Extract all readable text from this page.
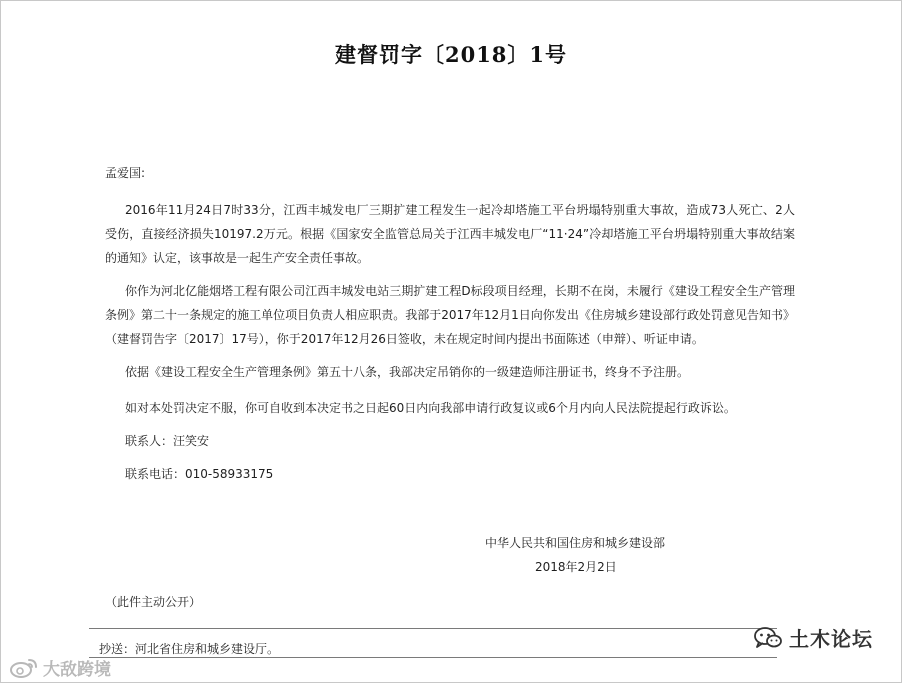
建督罚字〔2018〕1号
孟爱国:
2016年11月24日7时33分，江西丰城发电厂三期扩建工程发生一起冷却塔施工平台坍塌特别重大事故，造成73人死亡、2人受伤，直接经济损失10197.2万元。根据《国家安全监管总局关于江西丰城发电厂“11·24”冷却塔施工平台坍塌特别重大事故结案的通知》认定，该事故是一起生产安全责任事故。
你作为河北亿能烟塔工程有限公司江西丰城发电站三期扩建工程D标段项目经理，长期不在岗，未履行《建设工程安全生产管理条例》第二十一条规定的施工单位项目负责人相应职责。我部于2017年12月1日向你发出《住房城乡建设部行政处罚意见告知书》（建督罚告字〔2017〕17号），你于2017年12月26日签收，未在规定时间内提出书面陈述（申辩）、听证申请。
依据《建设工程安全生产管理条例》第五十八条，我部决定吊销你的一级建造师注册证书，终身不予注册。
如对本处罚决定不服，你可自收到本决定书之日起60日内向我部申请行政复议或6个月内向人民法院提起行政诉讼。
联系人：汪笑安
联系电话：010-58933175
中华人民共和国住房和城乡建设部
2018年2月2日
（此件主动公开）
抄送：河北省住房和城乡建设厅。	土木论坛
大敌跨境
